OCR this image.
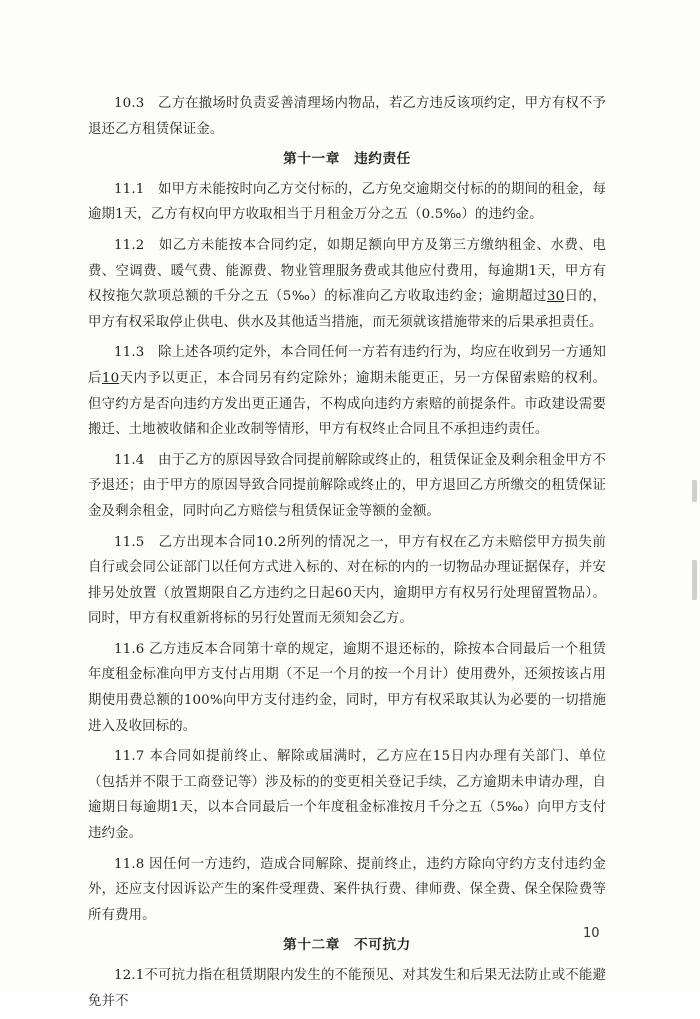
10.3　乙方在撤场时负责妥善清理场内物品，若乙方违反该项约定，甲方有权不予退还乙方租赁保证金。

第十一章　违约责任

11.1　如甲方未能按时向乙方交付标的，乙方免交逾期交付标的的期间的租金，每逾期1天，乙方有权向甲方收取相当于月租金万分之五（0.5‰）的违约金。

11.2　如乙方未能按本合同约定，如期足额向甲方及第三方缴纳租金、水费、电费、空调费、暖气费、能源费、物业管理服务费或其他应付费用，每逾期1天，甲方有权按拖欠款项总额的千分之五（5‰）的标准向乙方收取违约金；逾期超过30日的，甲方有权采取停止供电、供水及其他适当措施，而无须就该措施带来的后果承担责任。

11.3　除上述各项约定外，本合同任何一方若有违约行为，均应在收到另一方通知后10天内予以更正，本合同另有约定除外；逾期未能更正，另一方保留索赔的权利。但守约方是否向违约方发出更正通告，不构成向违约方索赔的前提条件。市政建设需要搬迁、土地被收储和企业改制等情形，甲方有权终止合同且不承担违约责任。

11.4　由于乙方的原因导致合同提前解除或终止的，租赁保证金及剩余租金甲方不予退还；由于甲方的原因导致合同提前解除或终止的，甲方退回乙方所缴交的租赁保证金及剩余租金，同时向乙方赔偿与租赁保证金等额的金额。

11.5　乙方出现本合同10.2所列的情况之一，甲方有权在乙方未赔偿甲方损失前自行或会同公证部门以任何方式进入标的、对在标的内的一切物品办理证据保存，并安排另处放置（放置期限自乙方违约之日起60天内，逾期甲方有权另行处理留置物品）。同时，甲方有权重新将标的另行处置而无须知会乙方。

11.6 乙方违反本合同第十章的规定，逾期不退还标的，除按本合同最后一个租赁年度租金标准向甲方支付占用期（不足一个月的按一个月计）使用费外，还须按该占用期使用费总额的100%向甲方支付违约金，同时，甲方有权采取其认为必要的一切措施进入及收回标的。

11.7 本合同如提前终止、解除或届满时，乙方应在15日内办理有关部门、单位（包括并不限于工商登记等）涉及标的的变更相关登记手续，乙方逾期未申请办理，自逾期日每逾期1天，以本合同最后一个年度租金标准按月千分之五（5‰）向甲方支付违约金。

11.8 因任何一方违约，造成合同解除、提前终止，违约方除向守约方支付违约金外，还应支付因诉讼产生的案件受理费、案件执行费、律师费、保全费、保全保险费等所有费用。

第十二章　不可抗力

12.1不可抗力指在租赁期限内发生的不能预见、对其发生和后果无法防止或不能避免并不

10
